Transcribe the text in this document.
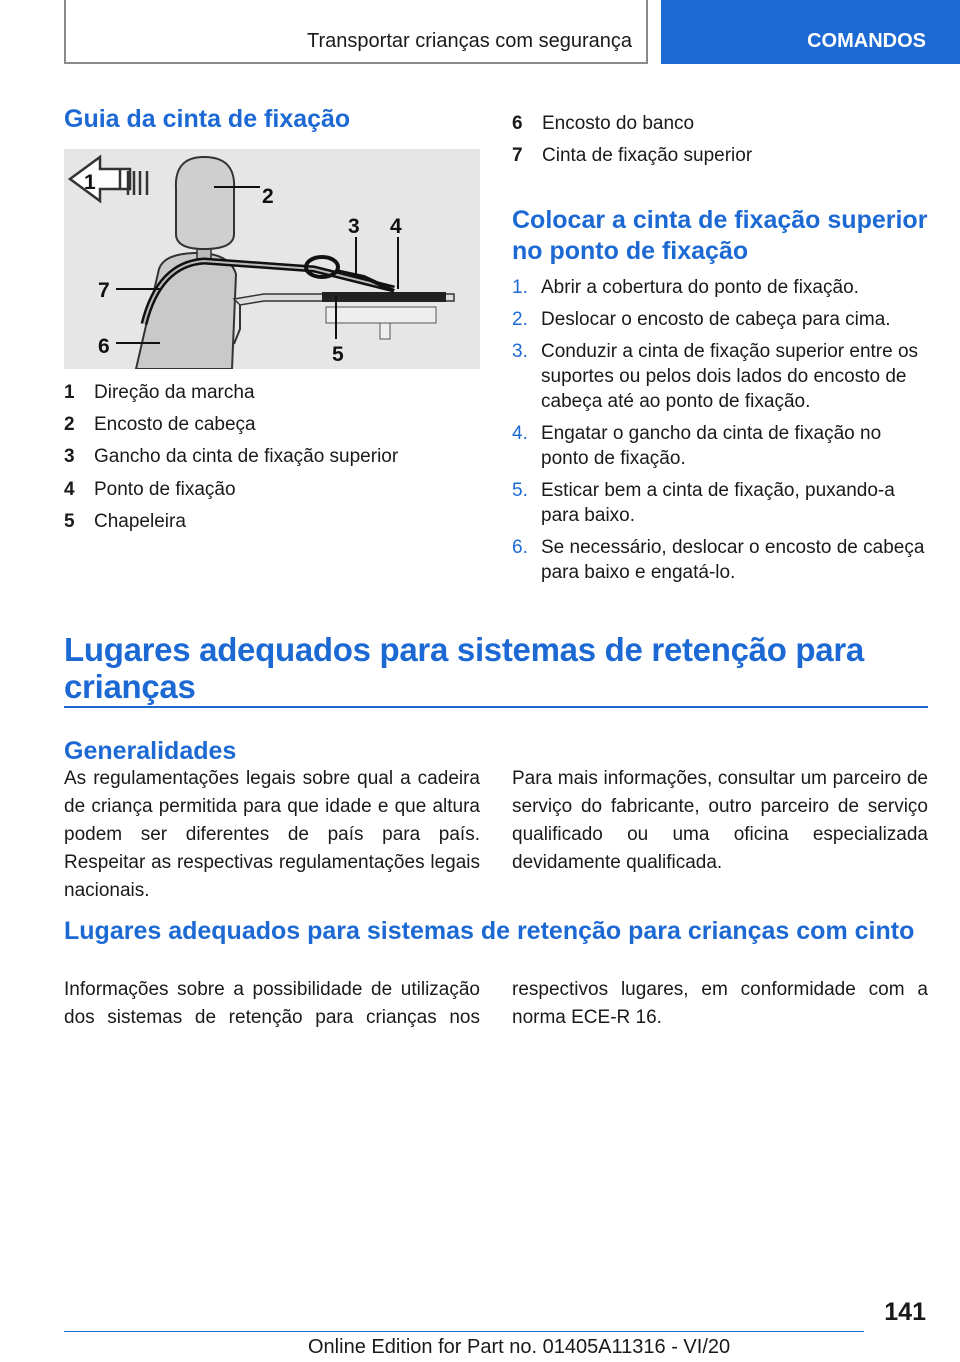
Transportar crianças com segurança	COMANDOS
Guia da cinta de fixação
1
2
3 4
5
6
7
1	Direção da marcha
2	Encosto de cabeça
3	Gancho da cinta de fixação superior
4	Ponto de fixação
5	Chapeleira
6	Encosto do banco
7	Cinta de fixação superior
Colocar a cinta de fixação superior no ponto de fixação
1. Abrir a cobertura do ponto de fixação.
2. Deslocar o encosto de cabeça para cima.
3. Conduzir a cinta de fixação superior entre os suportes ou pelos dois lados do encosto de cabeça até ao ponto de fixação.
4. Engatar o gancho da cinta de fixação no ponto de fixação.
5. Esticar bem a cinta de fixação, puxando-a para baixo.
6. Se necessário, deslocar o encosto de cabeça para baixo e engatá-lo.
Lugares adequados para sistemas de retenção para crianças
Generalidades

As regulamentações legais sobre qual a cadeira de criança permitida para que idade e que altura podem ser diferentes de país para país. Respeitar as respectivas regulamentações legais nacionais.

Para mais informações, consultar um parceiro de serviço do fabricante, outro parceiro de serviço qualificado ou uma oficina especializada devidamente qualificada.

Lugares adequados para sistemas de retenção para crianças com cinto

Informações sobre a possibilidade de utilização dos sistemas de retenção para crianças nos respectivos lugares, em conformidade com a norma ECE-R 16.

141
Online Edition for Part no. 01405A11316 - VI/20
